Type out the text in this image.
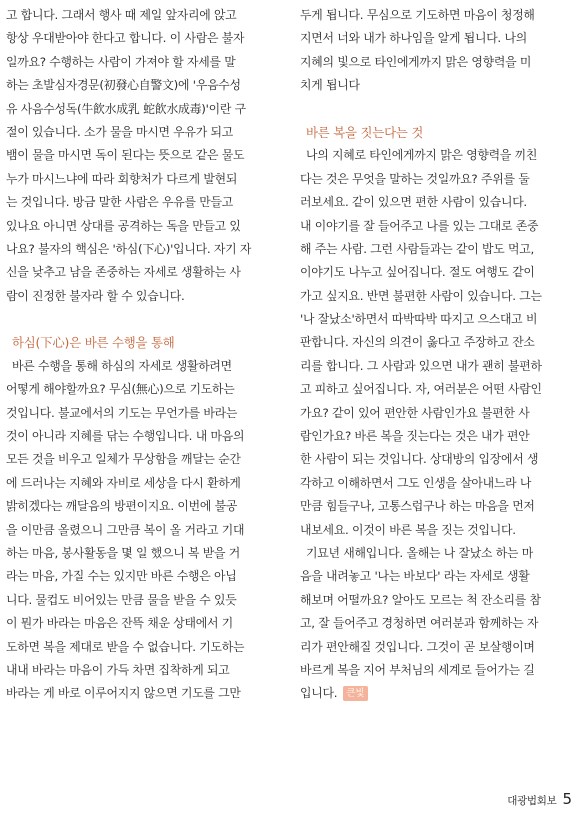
고 합니다. 그래서 행사 때 제일 앞자리에 앉고
항상 우대받아야 한다고 합니다. 이 사람은 불자
일까요? 수행하는 사람이 가져야 할 자세를 말
하는 초발심자경문(初發心自警文)에 '우음수성
유 사음수성독(牛飮水成乳 蛇飮水成毒)'이란 구
절이 있습니다. 소가 물을 마시면 우유가 되고
뱀이 물을 마시면 독이 된다는 뜻으로 같은 물도
누가 마시느냐에 따라 회향처가 다르게 발현되
는 것입니다. 방금 말한 사람은 우유를 만들고
있나요 아니면 상대를 공격하는 독을 만들고 있
나요? 불자의 핵심은 '하심(下心)'입니다. 자기 자
신을 낮추고 남을 존중하는 자세로 생활하는 사
람이 진정한 불자라 할 수 있습니다.
하심(下心)은 바른 수행을 통해
바른 수행을 통해 하심의 자세로 생활하려면
어떻게 해야할까요? 무심(無心)으로 기도하는
것입니다. 불교에서의 기도는 무언가를 바라는
것이 아니라 지혜를 닦는 수행입니다. 내 마음의
모든 것을 비우고 일체가 무상함을 깨달는 순간
에 드러나는 지혜와 자비로 세상을 다시 환하게
밝히겠다는 깨달음의 방편이지요. 이번에 불공
을 이만큼 올렸으니 그만큼 복이 올 거라고 기대
하는 마음, 봉사활동을 몇 일 했으니 복 받을 거
라는 마음, 가질 수는 있지만 바른 수행은 아닙
니다. 물컵도 비어있는 만큼 물을 받을 수 있듯
이 뭔가 바라는 마음은 잔뜩 채운 상태에서 기
도하면 복을 제대로 받을 수 없습니다. 기도하는
내내 바라는 마음이 가득 차면 집착하게 되고
바라는 게 바로 이루어지지 않으면 기도를 그만
두게 됩니다. 무심으로 기도하면 마음이 청정해
지면서 너와 내가 하나임을 알게 됩니다. 나의
지혜의 빛으로 타인에게까지 맑은 영향력을 미
치게 됩니다
바른 복을 짓는다는 것
나의 지혜로 타인에게까지 맑은 영향력을 끼친
다는 것은 무엇을 말하는 것일까요? 주위를 둘
러보세요. 같이 있으면 편한 사람이 있습니다.
내 이야기를 잘 들어주고 나를 있는 그대로 존중
해 주는 사람. 그런 사람들과는 같이 밥도 먹고,
이야기도 나누고 싶어집니다. 절도 여행도 같이
가고 싶지요. 반면 불편한 사람이 있습니다. 그는
'나 잘났소'하면서 따박따박 따지고 으스대고 비
판합니다. 자신의 의견이 옳다고 주장하고 잔소
리를 합니다. 그 사람과 있으면 내가 괜히 불편하
고 피하고 싶어집니다. 자, 여러분은 어떤 사람인
가요? 같이 있어 편안한 사람인가요 불편한 사
람인가요? 바른 복을 짓는다는 것은 내가 편안
한 사람이 되는 것입니다. 상대방의 입장에서 생
각하고 이해하면서 그도 인생을 살아내느라 나
만큼 힘들구나, 고통스럽구나 하는 마음을 먼저
내보세요. 이것이 바른 복을 짓는 것입니다.
기묘년 새해입니다. 올해는 나 잘났소 하는 마
음을 내려놓고 '나는 바보다' 라는 자세로 생활
해보며 어떨까요? 알아도 모르는 척 잔소리를 참
고, 잘 들어주고 경청하면 여러분과 함께하는 자
리가 편안해질 것입니다. 그것이 곧 보살행이며
바르게 복을 지어 부처님의 세계로 들어가는 길
입니다. 큰빛
대광법회보 5
